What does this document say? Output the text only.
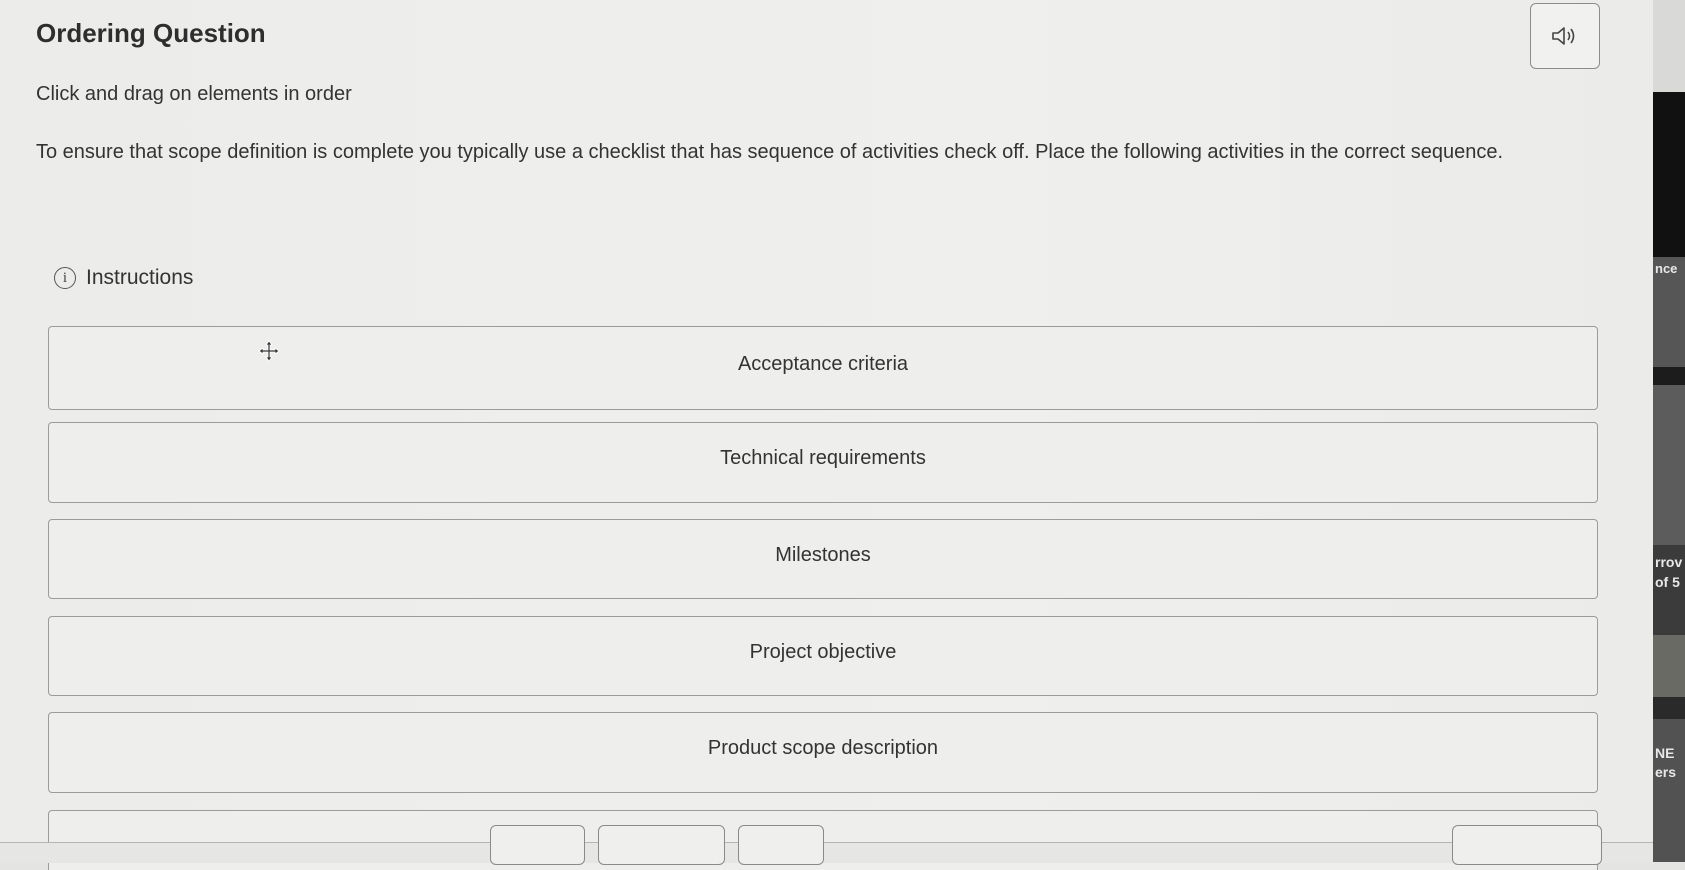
Ordering Question
Click and drag on elements in order
To ensure that scope definition is complete you typically use a checklist that has sequence of activities check off. Place the following activities in the correct sequence.
i Instructions
Acceptance criteria
Technical requirements
Milestones
Project objective
Product scope description
nce
rrov
of 5
NE
ers
